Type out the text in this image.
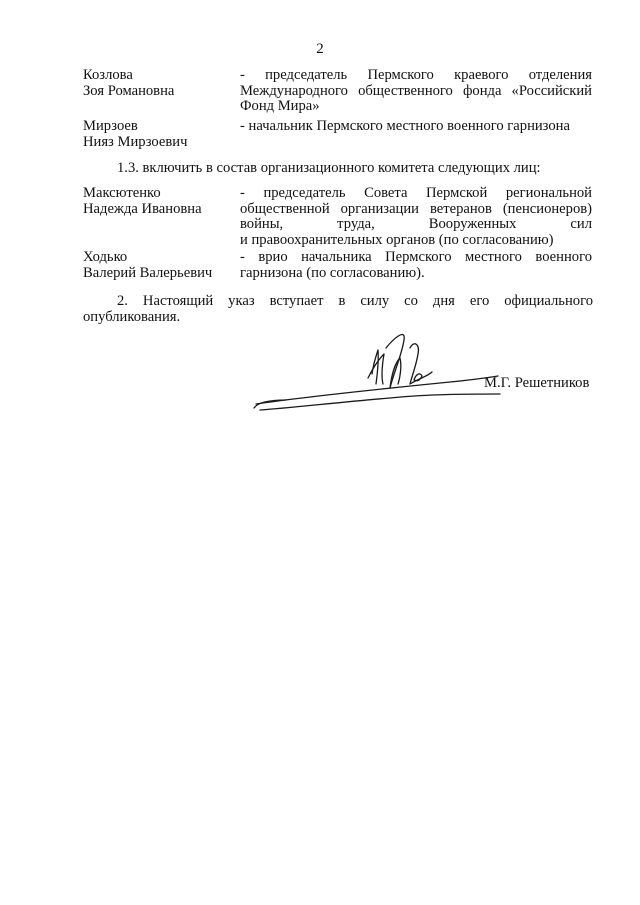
2
Козлова
Зоя Романовна
- председатель Пермского краевого отделения
Международного общественного фонда «Российский
Фонд Мира»
Мирзоев
Нияз Мирзоевич
- начальник Пермского местного военного гарнизона
1.3. включить в состав организационного комитета следующих лиц:
Максютенко
Надежда Ивановна
- председатель Совета Пермской региональной
общественной организации ветеранов (пенсионеров)
войны, труда, Вооруженных сил
и правоохранительных органов (по согласованию)
Ходько
Валерий Валерьевич
- врио начальника Пермского местного военного
гарнизона (по согласованию).
2. Настоящий указ вступает в силу со дня его официального
опубликования.
М.Г. Решетников
